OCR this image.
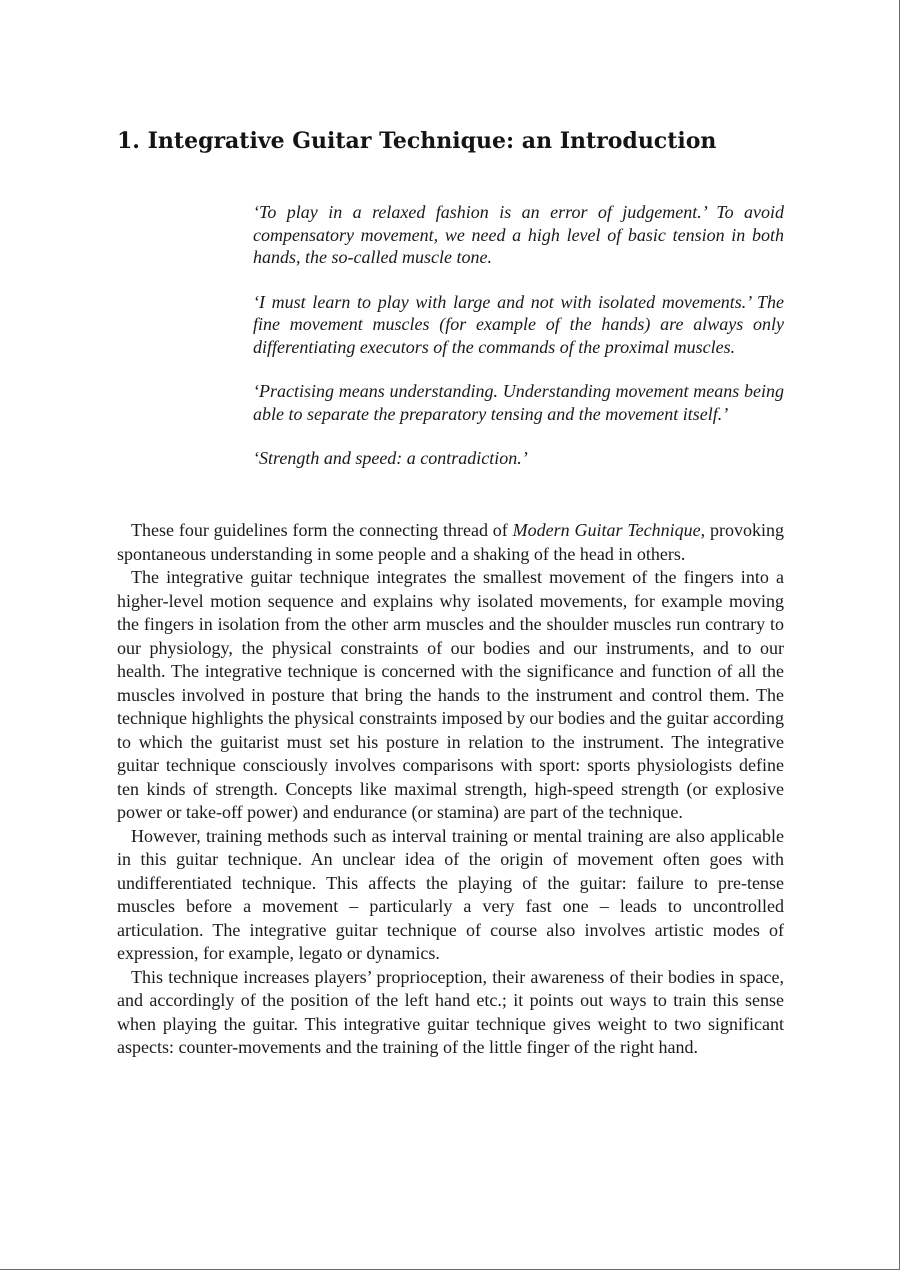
1. Integrative Guitar Technique: an Introduction

‘To play in a relaxed fashion is an error of judgement.’ To avoid compensatory movement, we need a high level of basic tension in both hands, the so-called muscle tone.

‘I must learn to play with large and not with isolated movements.’ The fine movement muscles (for example of the hands) are always only differentiating executors of the commands of the proximal muscles.

‘Practising means understanding. Understanding movement means being able to separate the preparatory tensing and the movement itself.’

‘Strength and speed: a contradiction.’

These four guidelines form the connecting thread of Modern Guitar Technique, provoking spontaneous understanding in some people and a shaking of the head in others.

The integrative guitar technique integrates the smallest movement of the fingers into a higher-level motion sequence and explains why isolated movements, for example moving the fingers in isolation from the other arm muscles and the shoulder muscles run contrary to our physiology, the physical constraints of our bodies and our instruments, and to our health. The integrative technique is concerned with the significance and function of all the muscles involved in posture that bring the hands to the instrument and control them. The technique highlights the physical constraints imposed by our bodies and the guitar according to which the guitarist must set his posture in relation to the instrument. The integrative guitar technique consciously involves comparisons with sport: sports physiologists define ten kinds of strength. Concepts like maximal strength, high-speed strength (or explosive power or take-off power) and endurance (or stamina) are part of the technique.

However, training methods such as interval training or mental training are also applicable in this guitar technique. An unclear idea of the origin of movement often goes with undifferentiated technique. This affects the playing of the guitar: failure to pre-tense muscles before a movement – particularly a very fast one – leads to uncontrolled articulation. The integrative guitar technique of course also involves artistic modes of expression, for example, legato or dynamics.

This technique increases players’ proprioception, their awareness of their bodies in space, and accordingly of the position of the left hand etc.; it points out ways to train this sense when playing the guitar. This integrative guitar technique gives weight to two significant aspects: counter-movements and the training of the little finger of the right hand.
